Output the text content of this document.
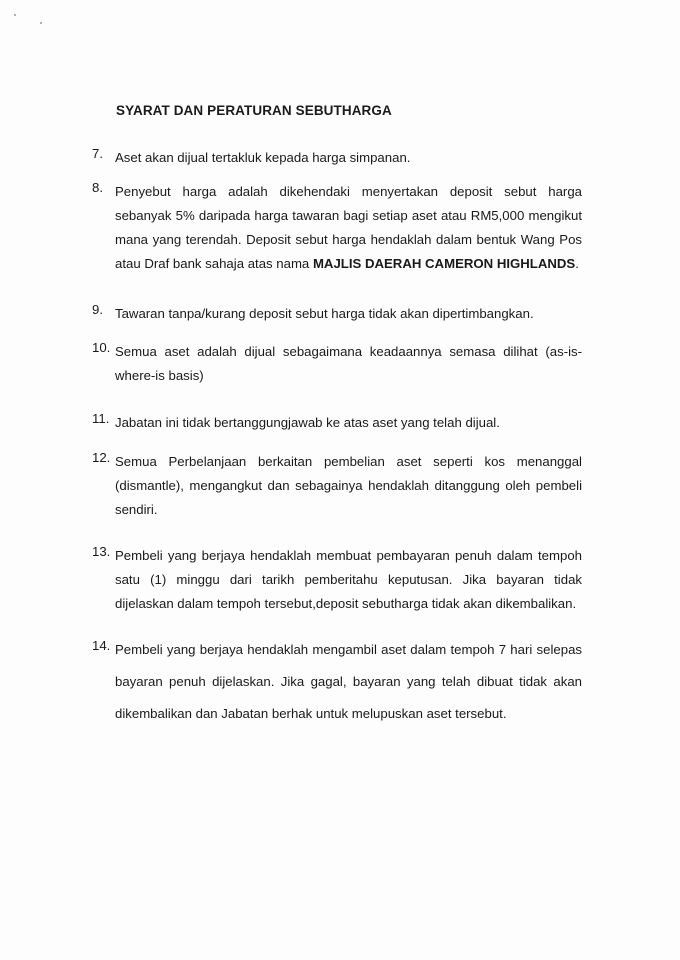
SYARAT DAN PERATURAN SEBUTHARGA
7. Aset akan dijual tertakluk kepada harga simpanan.
8. Penyebut harga adalah dikehendaki menyertakan deposit sebut harga sebanyak 5% daripada harga tawaran bagi setiap aset atau RM5,000 mengikut mana yang terendah. Deposit sebut harga hendaklah dalam bentuk Wang Pos atau Draf bank sahaja atas nama MAJLIS DAERAH CAMERON HIGHLANDS.
9. Tawaran tanpa/kurang deposit sebut harga tidak akan dipertimbangkan.
10. Semua aset adalah dijual sebagaimana keadaannya semasa dilihat (as-is-where-is basis)
11. Jabatan ini tidak bertanggungjawab ke atas aset yang telah dijual.
12. Semua Perbelanjaan berkaitan pembelian aset seperti kos menanggal (dismantle), mengangkut dan sebagainya hendaklah ditanggung oleh pembeli sendiri.
13. Pembeli yang berjaya hendaklah membuat pembayaran penuh dalam tempoh satu (1) minggu dari tarikh pemberitahu keputusan. Jika bayaran tidak dijelaskan dalam tempoh tersebut,deposit sebutharga tidak akan dikembalikan.
14. Pembeli yang berjaya hendaklah mengambil aset dalam tempoh 7 hari selepas bayaran penuh dijelaskan. Jika gagal, bayaran yang telah dibuat tidak akan dikembalikan dan Jabatan berhak untuk melupuskan aset tersebut.
